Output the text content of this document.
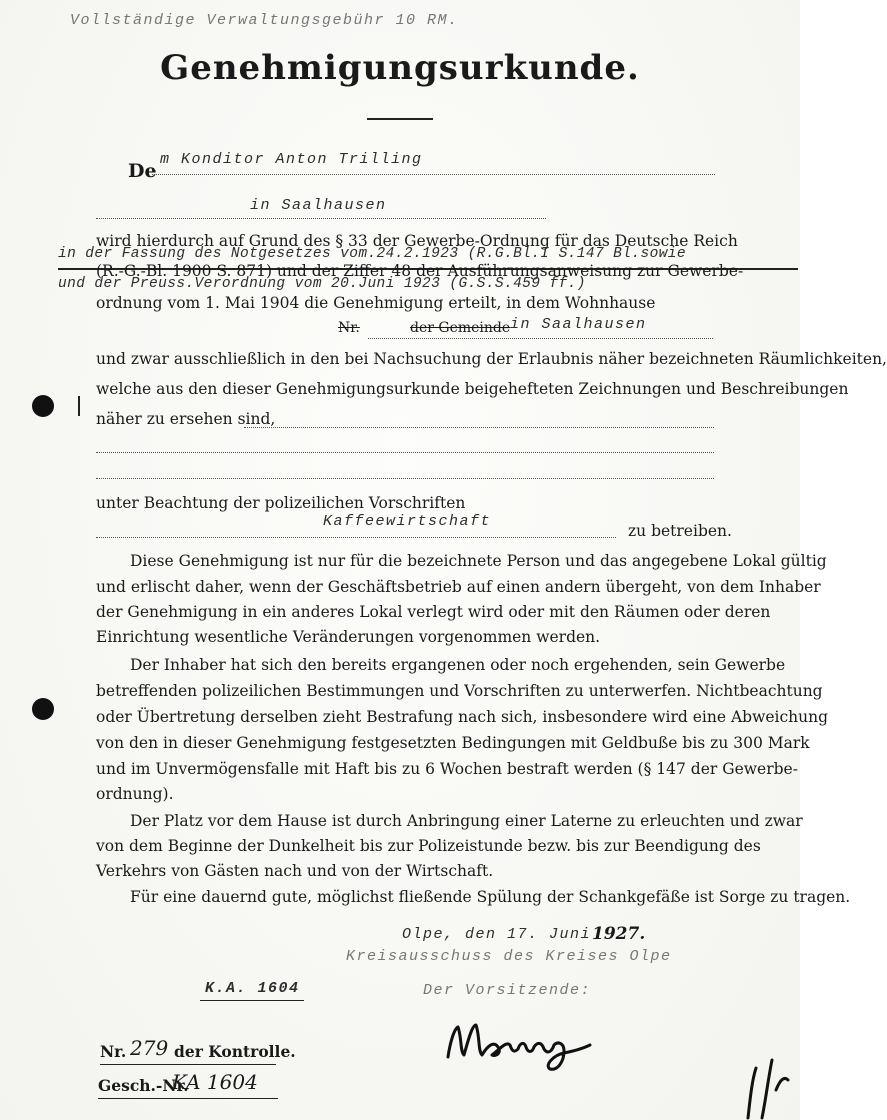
Vollständige Verwaltungsgebühr 10 RM.
Genehmigungsurkunde.
De
m Konditor Anton Trilling
in Saalhausen
wird hierdurch auf Grund des § 33 der Gewerbe-Ordnung für das Deutsche Reich
in der Fassung des Notgesetzes vom.24.2.1923 (R.G.Bl.I S.147 Bl.sowie
(R.-G.-Bl. 1900 S. 871) und der Ziffer 48 der Ausführungsanweisung zur Gewerbe-
und der Preuss.Verordnung vom 20.Juni 1923 (G.S.S.459 ff.)
ordnung vom 1. Mai 1904 die Genehmigung erteilt, in dem Wohnhause
Nr.	der Gemeinde in Saalhausen
und zwar ausschließlich in den bei Nachsuchung der Erlaubnis näher bezeichneten Räumlichkeiten,
welche aus den dieser Genehmigungsurkunde beigehefteten Zeichnungen und Beschreibungen
näher zu ersehen sind,
unter Beachtung der polizeilichen Vorschriften
Kaffeewirtschaft
zu betreiben.
Diese Genehmigung ist nur für die bezeichnete Person und das angegebene Lokal gültig
und erlischt daher, wenn der Geschäftsbetrieb auf einen andern übergeht, von dem Inhaber
der Genehmigung in ein anderes Lokal verlegt wird oder mit den Räumen oder deren
Einrichtung wesentliche Veränderungen vorgenommen werden.
Der Inhaber hat sich den bereits ergangenen oder noch ergehenden, sein Gewerbe
betreffenden polizeilichen Bestimmungen und Vorschriften zu unterwerfen. Nichtbeachtung
oder Übertretung derselben zieht Bestrafung nach sich, insbesondere wird eine Abweichung
von den in dieser Genehmigung festgesetzten Bedingungen mit Geldbuße bis zu 300 Mark
und im Unvermögensfalle mit Haft bis zu 6 Wochen bestraft werden (§ 147 der Gewerbe-
ordnung).
Der Platz vor dem Hause ist durch Anbringung einer Laterne zu erleuchten und zwar
von dem Beginne der Dunkelheit bis zur Polizeistunde bezw. bis zur Beendigung des
Verkehrs von Gästen nach und von der Wirtschaft.
Für eine dauernd gute, möglichst fließende Spülung der Schankgefäße ist Sorge zu tragen.
Olpe, den 17. Juni 1927.
Kreisausschuss des Kreises Olpe
K.A. 1604	Der Vorsitzende:
Nr. 279 der Kontrolle.
Gesch.-Nr.
KA 1604
